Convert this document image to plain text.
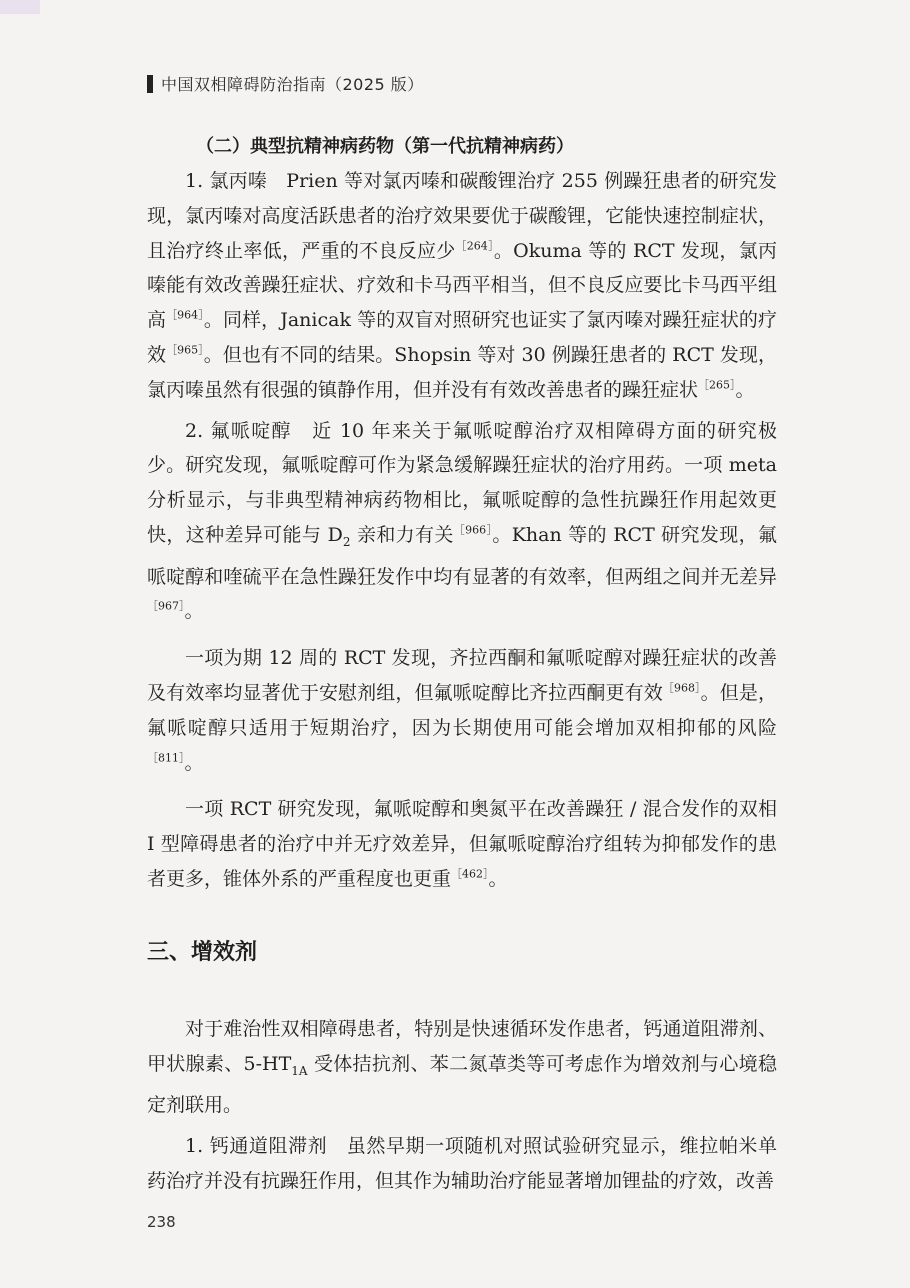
中国双相障碍防治指南（2025 版）
（二）典型抗精神病药物（第一代抗精神病药）

1. 氯丙嗪　Prien 等对氯丙嗪和碳酸锂治疗 255 例躁狂患者的研究发现，氯丙嗪对高度活跃患者的治疗效果要优于碳酸锂，它能快速控制症状，且治疗终止率低，严重的不良反应少$^{[264]}$。Okuma 等的 RCT 发现，氯丙嗪能有效改善躁狂症状、疗效和卡马西平相当，但不良反应要比卡马西平组高$^{[964]}$。同样，Janicak 等的双盲对照研究也证实了氯丙嗪对躁狂症状的疗效$^{[965]}$。但也有不同的结果。Shopsin 等对 30 例躁狂患者的 RCT 发现，氯丙嗪虽然有很强的镇静作用，但并没有有效改善患者的躁狂症状$^{[265]}$。

2. 氟哌啶醇　近 10 年来关于氟哌啶醇治疗双相障碍方面的研究极少。研究发现，氟哌啶醇可作为紧急缓解躁狂症状的治疗用药。一项 meta 分析显示，与非典型精神病药物相比，氟哌啶醇的急性抗躁狂作用起效更快，这种差异可能与 $D_2$ 亲和力有关$^{[966]}$。Khan 等的 RCT 研究发现，氟哌啶醇和喹硫平在急性躁狂发作中均有显著的有效率，但两组之间并无差异$^{[967]}$。

一项为期 12 周的 RCT 发现，齐拉西酮和氟哌啶醇对躁狂症状的改善及有效率均显著优于安慰剂组，但氟哌啶醇比齐拉西酮更有效$^{[968]}$。但是，氟哌啶醇只适用于短期治疗，因为长期使用可能会增加双相抑郁的风险$^{[811]}$。

一项 RCT 研究发现，氟哌啶醇和奥氮平在改善躁狂 / 混合发作的双相 I 型障碍患者的治疗中并无疗效差异，但氟哌啶醇治疗组转为抑郁发作的患者更多，锥体外系的严重程度也更重$^{[462]}$。

三、增效剂

对于难治性双相障碍患者，特别是快速循环发作患者，钙通道阻滞剂、甲状腺素、$5-HT_{1A}$ 受体拮抗剂、苯二氮䓬类等可考虑作为增效剂与心境稳定剂联用。

1. 钙通道阻滞剂　虽然早期一项随机对照试验研究显示，维拉帕米单药治疗并没有抗躁狂作用，但其作为辅助治疗能显著增加锂盐的疗效，改善

238
